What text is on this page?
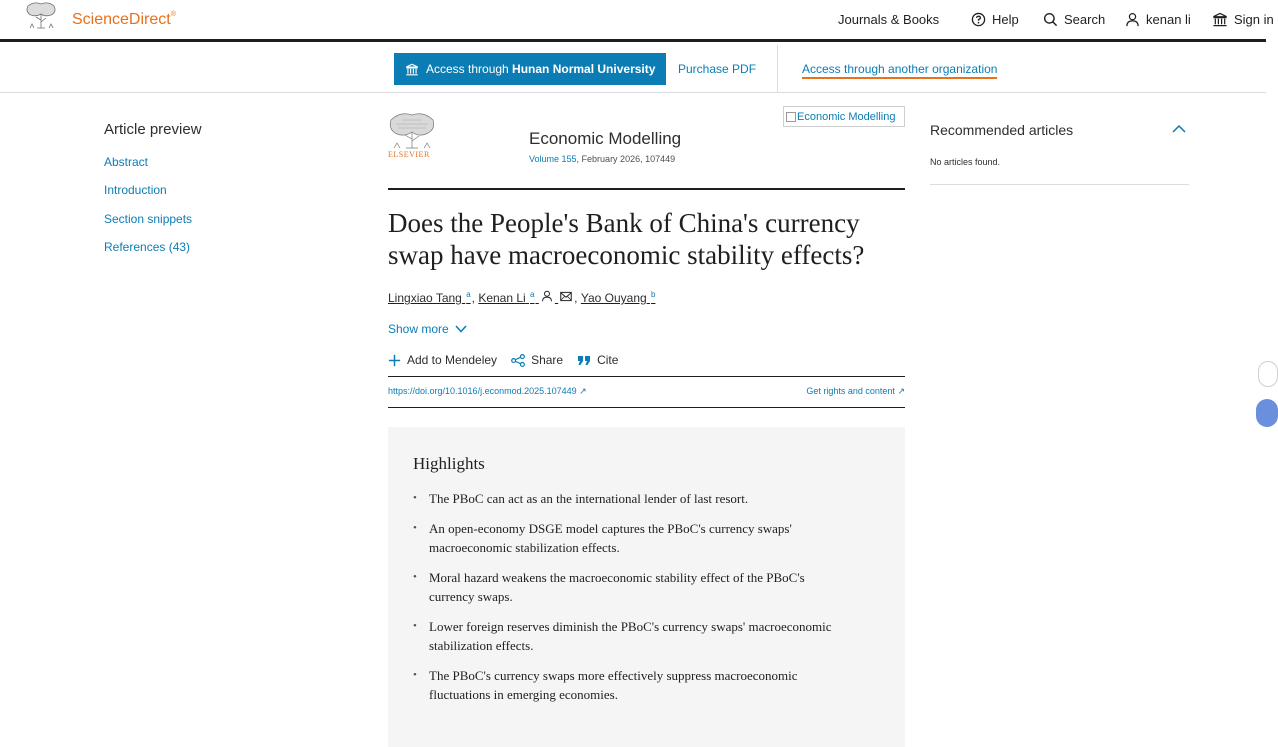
ScienceDirect®	Journals & Books	Help	Search	kenan li	Sign in
Access through Hunan Normal University Purchase PDF	Access through another organization
Article preview
Abstract
Introduction
Section snippets
References (43)
ELSEVIER
Economic Modelling
Volume 155, February 2026, 107449
Economic Modelling
Does the People's Bank of China's currency swap have macroeconomic stability effects?
Lingxiao Tang $^a$ , Kenan Li $^a$
	, Yao Ouyang $^b$
Show more
Add to Mendeley	Share	Cite
https://doi.org/10.1016/j.econmod.2025.107449 ↗	Get rights and content ↗
Highlights
• The PBoC can act as an the international lender of last resort.
• An open-economy DSGE model captures the PBoC's currency swaps' macroeconomic stabilization effects.
• Moral hazard weakens the macroeconomic stability effect of the PBoC's currency swaps.
• Lower foreign reserves diminish the PBoC's currency swaps' macroeconomic stabilization effects.
• The PBoC's currency swaps more effectively suppress macroeconomic fluctuations in emerging economies.
Recommended articles
No articles found.
